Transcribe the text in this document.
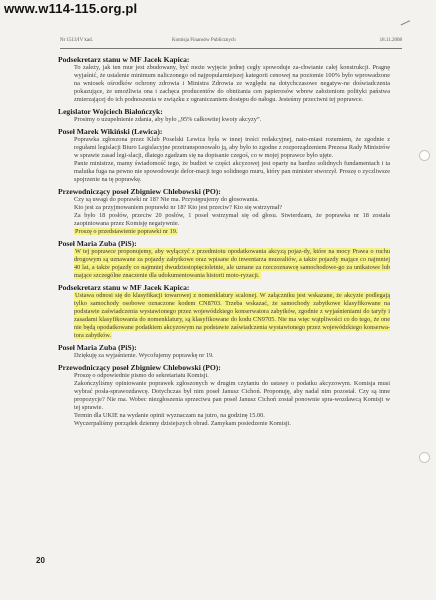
www.w114-115.org.pl
Nr 1513/IV kad.	Komisja Finansów Publicznych	18.11.2008
Podsekretarz stanu w MF Jacek Kapica:

To zależy, jak ten mur jest zbudowany, być może wyjęcie jednej cegły spowoduje za-chwianie całej konstrukcji. Pragnę wyjaśnić, że ustalenie minimum naliczonego od najpopularniejszej kategorii cenowej na poziomie 100% było wprowadzone na wniosek ośrodków ochrony zdrowia i Ministra Zdrowia ze względu na dotychczasowe negatyw-ne doświadczenia pokazujące, że umożliwia ona i zachęca producentów do obniżania cen papierosów wbrew założeniom polityki państwa zmierzającej do ich podnoszenia w związku z ograniczaniem dostępu do nałogu. Jesteśmy przeciwni tej poprawce.

Legislator Wojciech Białończyk:

Prosimy o uzupełnienie zdania, aby było „95% całkowitej kwoty akcyzy”.

Poseł Marek Wikiński (Lewica):

Poprawka zgłoszona przez Klub Poselski Lewica była w innej treści redakcyjnej, nato-miast rozumiem, że zgodnie z regułami legislacji Biuro Legislacyjne przetransponowało ją, aby było to zgodne z rozporządzeniem Prezesa Rady Ministrów w sprawie zasad legi-slacji, dlatego zgadzam się na dopisanie czegoś, co w mojej poprawce było ujęte.

Panie ministrze, mamy świadomość tego, że budżet w części akcyzowej jest oparty na bardzo solidnych fundamentach i ta malutka fuga na pewno nie spowodowuje defor-macji tego solidnego muru, który pan minister stworzył. Proszę o zyczliwsze spojrzenie na tę poprawkę.

Przewodniczący poseł Zbigniew Chlebowski (PO):

Czy są uwagi do poprawki nr 18? Nie ma. Przystępujemy do głosowania.

Kto jest za przyjmowaniem poprawki nr 18? Kto jest przeciw? Kto się wstrzymał?

Za było 18 posłów, przeciw 20 posłów, 1 poseł wstrzymał się od głosu. Stwierdzam, że poprawka nr 18 została zaopiniowana przez Komisję negatywnie.

Proszę o przedstawienie poprawki nr 19.

Poseł Maria Zuba (PiS):

W tej poprawce proponujemy, aby wyłączyć z przedmiotu opodatkowania akcyzą pojaz-dy, które na mocy Prawa o ruchu drogowym są uznawane za pojazdy zabytkowe oraz wpisane do inwentarza muzealiów, a także pojazdy mające co najmniej 40 lat, a także pojazdy co najmniej dwudziestopięcioletnie, ale uznane za rzeczoznawcę samochodowe-go za unikatowe lub mające szczególne znaczenie dla udokumentowania historii moto-ryzacji.

Podsekretarz stanu w MF Jacek Kapica:

Ustawa odnosi się do klasyfikacji towarowej z nomenklatury scalonej. W załączniku jest wskazane, że akcyzie podlegają tylko samochody osobowe oznaczone kodem CN8703. Trzeba wskazać, że samochody zabytkowe klasyfikowane na podstawie zaświadczenia wystawionego przez wojewódzkiego konserwatora zabytków, zgodnie z wyjaśnieniami do taryfy i zasadami klasyfikowania do nomenklatury, są klasyfikowane do kodu CN9705. Nie ma więc wątpliwości co do tego, że one nie będą opodatkowane podatkiem akcyzowym na podstawie zaświadczenia wystawionego przez wojewódzkiego konserwa-tora zabytków.

Poseł Maria Zuba (PiS):

Dziękuję za wyjaśnienie. Wycofujemy poprawkę nr 19.

Przewodniczący poseł Zbigniew Chlebowski (PO):

Proszę o odpowiednie pismo do sekretariatu Komisji.

Zakończyliśmy opiniowanie poprawek zgłoszonych w drugim czytaniu do ustawy o podatku akcyzowym. Komisja musi wybrać posła-sprawozdawcę. Dotychczas był nim poseł Janusz Cichoń. Proponuję, aby nadal nim pozostał. Czy są inne propozycje? Nie ma. Wobec niezgłoszenia sprzeciwu pan poseł Janusz Cichoń został ponownie spra-wozdawcą Komisji w tej sprawie.

Termin dla UKIE na wydanie opinii wyznaczam na jutro, na godzinę 15.00.

Wyczerpaliśmy porządek dzienny dzisiejszych obrad. Zamykam posiedzenie Komisji.

20
